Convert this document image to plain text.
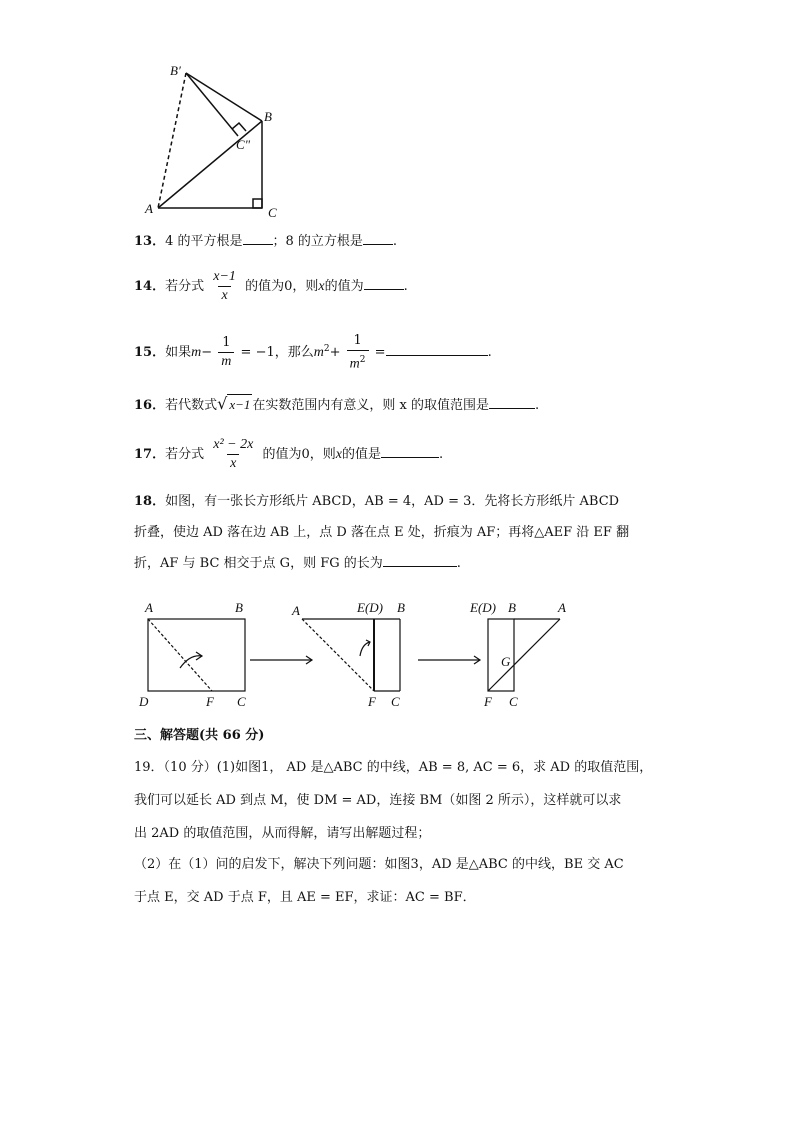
B′
B
C"
A	C
13．4 的平方根是 ；8 的立方根是 .
14．若分式 $\frac{x-1}{x}$ 的值为0，则x的值为	.
15．如果$m- \frac{1}{m} = -1$，那么$m^2+ \frac{1}{m^2}$ =	.
16．若代数式√ x−1 在实数范围内有意义，则 x 的取值范围是	.
17．若分式 $\frac{\text{x² − 2x}}{x}$ 的值为0，则x的值是	.
18．如图，有一张长方形纸片 ABCD，AB = 4，AD = 3．先将长方形纸片 ABCD
折叠，使边 AD 落在边 AB 上，点 D 落在点 E 处，折痕为 AF；再将△AEF 沿 EF 翻
折，AF 与 BC 相交于点 G，则 FG 的长为	.
A	B
D	F C
A	E(D) B
F C
E(D) B	A
G
F C
三、解答题(共 66 分)
19．（10 分）(1)如图1， AD 是△ABC 的中线，AB = 8, AC = 6，求 AD 的取值范围，
我们可以延长 AD 到点 M，使 DM = AD，连接 BM（如图 2 所示），这样就可以求
出 2AD 的取值范围，从而得解，请写出解题过程；
（2）在（1）问的启发下，解决下列问题：如图3，AD 是△ABC 的中线，BE 交 AC
于点 E，交 AD 于点 F，且 AE = EF，求证：AC = BF．
